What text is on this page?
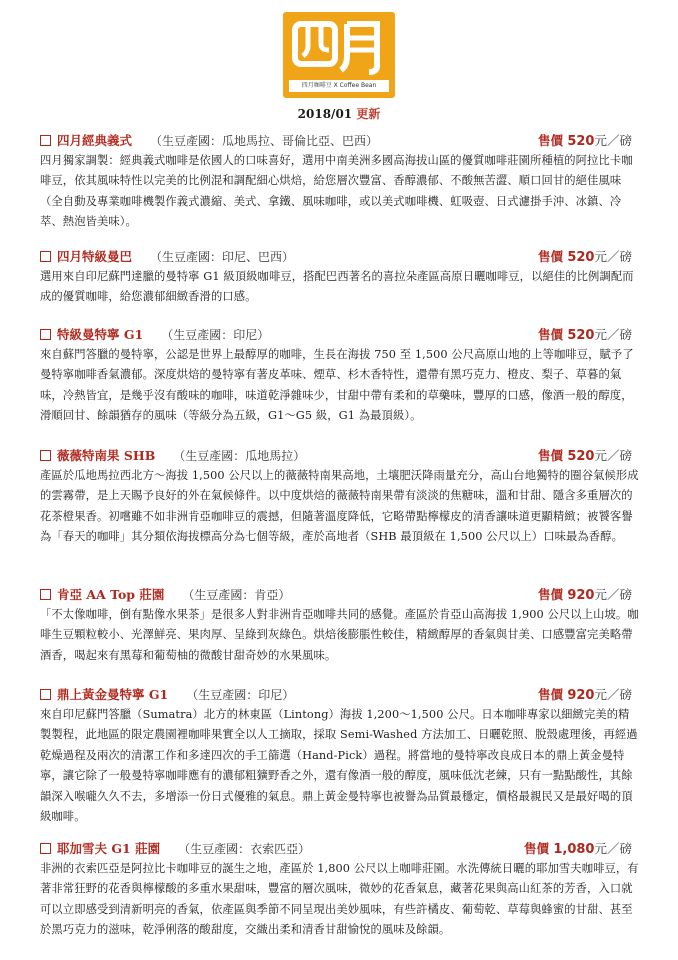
四月咖啡豆 X Coffee Bean
2018/01 更新
四月經典義式 （生豆產國：瓜地馬拉、哥倫比亞、巴西）	售價 520元／磅

四月獨家調製：經典義式咖啡是依國人的口味喜好，選用中南美洲多國高海拔山區的優質咖啡莊園所種植的阿拉比卡咖啡豆，依其風味特性以完美的比例混和調配細心烘焙，給您層次豐富、香醇濃郁、不酸無苦澀、順口回甘的絕佳風味（全自動及專業咖啡機製作義式濃縮、美式、拿鐵、風味咖啡，或以美式咖啡機、虹吸壺、日式濾掛手沖、冰鎮、冷萃、熱泡皆美味）。

四月特級曼巴 （生豆產國：印尼、巴西）	售價 520元／磅

選用來自印尼蘇門達臘的曼特寧 G1 級頂級咖啡豆，搭配巴西著名的喜拉朵產區高原日曬咖啡豆，以絕佳的比例調配而成的優質咖啡，給您濃郁細緻香滑的口感。

特級曼特寧 G1 （生豆產國：印尼）	售價 520元／磅

來自蘇門答臘的曼特寧，公認是世界上最醇厚的咖啡，生長在海拔 750 至 1,500 公尺高原山地的上等咖啡豆，賦予了曼特寧咖啡香氣濃郁。深度烘焙的曼特寧有著皮革味、煙草、杉木香特性，還帶有黑巧克力、橙皮、梨子、草暮的氣味，冷熱皆宜，是幾乎沒有酸味的咖啡，味道乾淨雜味少，甘甜中帶有柔和的草藥味，豐厚的口感，像酒一般的醇度，滑順回甘、餘韻猶存的風味（等級分為五級，G1～G5 級，G1 為最頂級）。

薇薇特南果 SHB （生豆產國：瓜地馬拉）	售價 520元／磅

產區於瓜地馬拉西北方～海拔 1,500 公尺以上的薇薇特南果高地，土壤肥沃降雨量充分，高山台地獨特的圈谷氣候形成的雲霧帶，是上天賜予良好的外在氣候條件。以中度烘焙的薇薇特南果帶有淡淡的焦糖味，溫和甘甜、隱含多重層次的花茶橙果香。初嚐雖不如非洲肯亞咖啡豆的震撼，但隨著溫度降低，它略帶點檸檬皮的清香讓味道更顯精緻；被饕客譽為「春天的咖啡」其分類依海拔標高分為七個等級，產於高地者（SHB 最頂級在 1,500 公尺以上）口味最為香醇。

肯亞 AA Top 莊園 （生豆產國：肯亞）	售價 920元／磅

「不太像咖啡，倒有點像水果茶」是很多人對非洲肯亞咖啡共同的感覺。產區於肯亞山高海拔 1,900 公尺以上山坡。咖啡生豆顆粒較小、光澤鮮亮、果肉厚、呈綠到灰綠色。烘焙後膨脹性較佳，精緻醇厚的香氣與甘美、口感豐富完美略帶酒香，喝起來有黑莓和葡萄柚的微酸甘甜奇妙的水果風味。

鼎上黃金曼特寧 G1 （生豆產國：印尼）	售價 920元／磅

來自印尼蘇門答臘（Sumatra）北方的林東區（Lintong）海拔 1,200～1,500 公尺。日本咖啡專家以細緻完美的精製製程，此地區的限定農園裡咖啡果實全以人工摘取，採取 Semi-Washed 方法加工、日曬乾照、脫殼處理後，再經過乾燥過程及兩次的清潔工作和多達四次的手工篩選（Hand-Pick）過程。將當地的曼特寧改良成日本的鼎上黃金曼特寧，讓它除了一般曼特寧咖啡應有的濃郁粗獷野香之外，還有像酒一般的醇度，風味低沈老練，只有一點點酸性，其餘韻深入喉嚨久久不去，多增添一份日式優雅的氣息。鼎上黃金曼特寧也被譽為品質最穩定，價格最親民又是最好喝的頂級咖啡。

耶加雪夫 G1 莊園 （生豆產國：衣索匹亞）	售價 1,080元／磅

非洲的衣索匹亞是阿拉比卡咖啡豆的誕生之地，產區於 1,800 公尺以上咖啡莊園。水洗傳統日曬的耶加雪夫咖啡豆，有著非常狂野的花香與檸檬酸的多重水果甜味，豐富的層次風味，微妙的花香氣息，藏著花果與高山紅茶的芳香，入口就可以立即感受到清新明亮的香氣，依產區與季節不同呈現出美妙風味，有些許橘皮、葡萄乾、草莓與蜂蜜的甘甜、甚至於黑巧克力的滋味，乾淨俐落的酸甜度，交織出柔和清香甘甜愉悅的風味及餘韻。
